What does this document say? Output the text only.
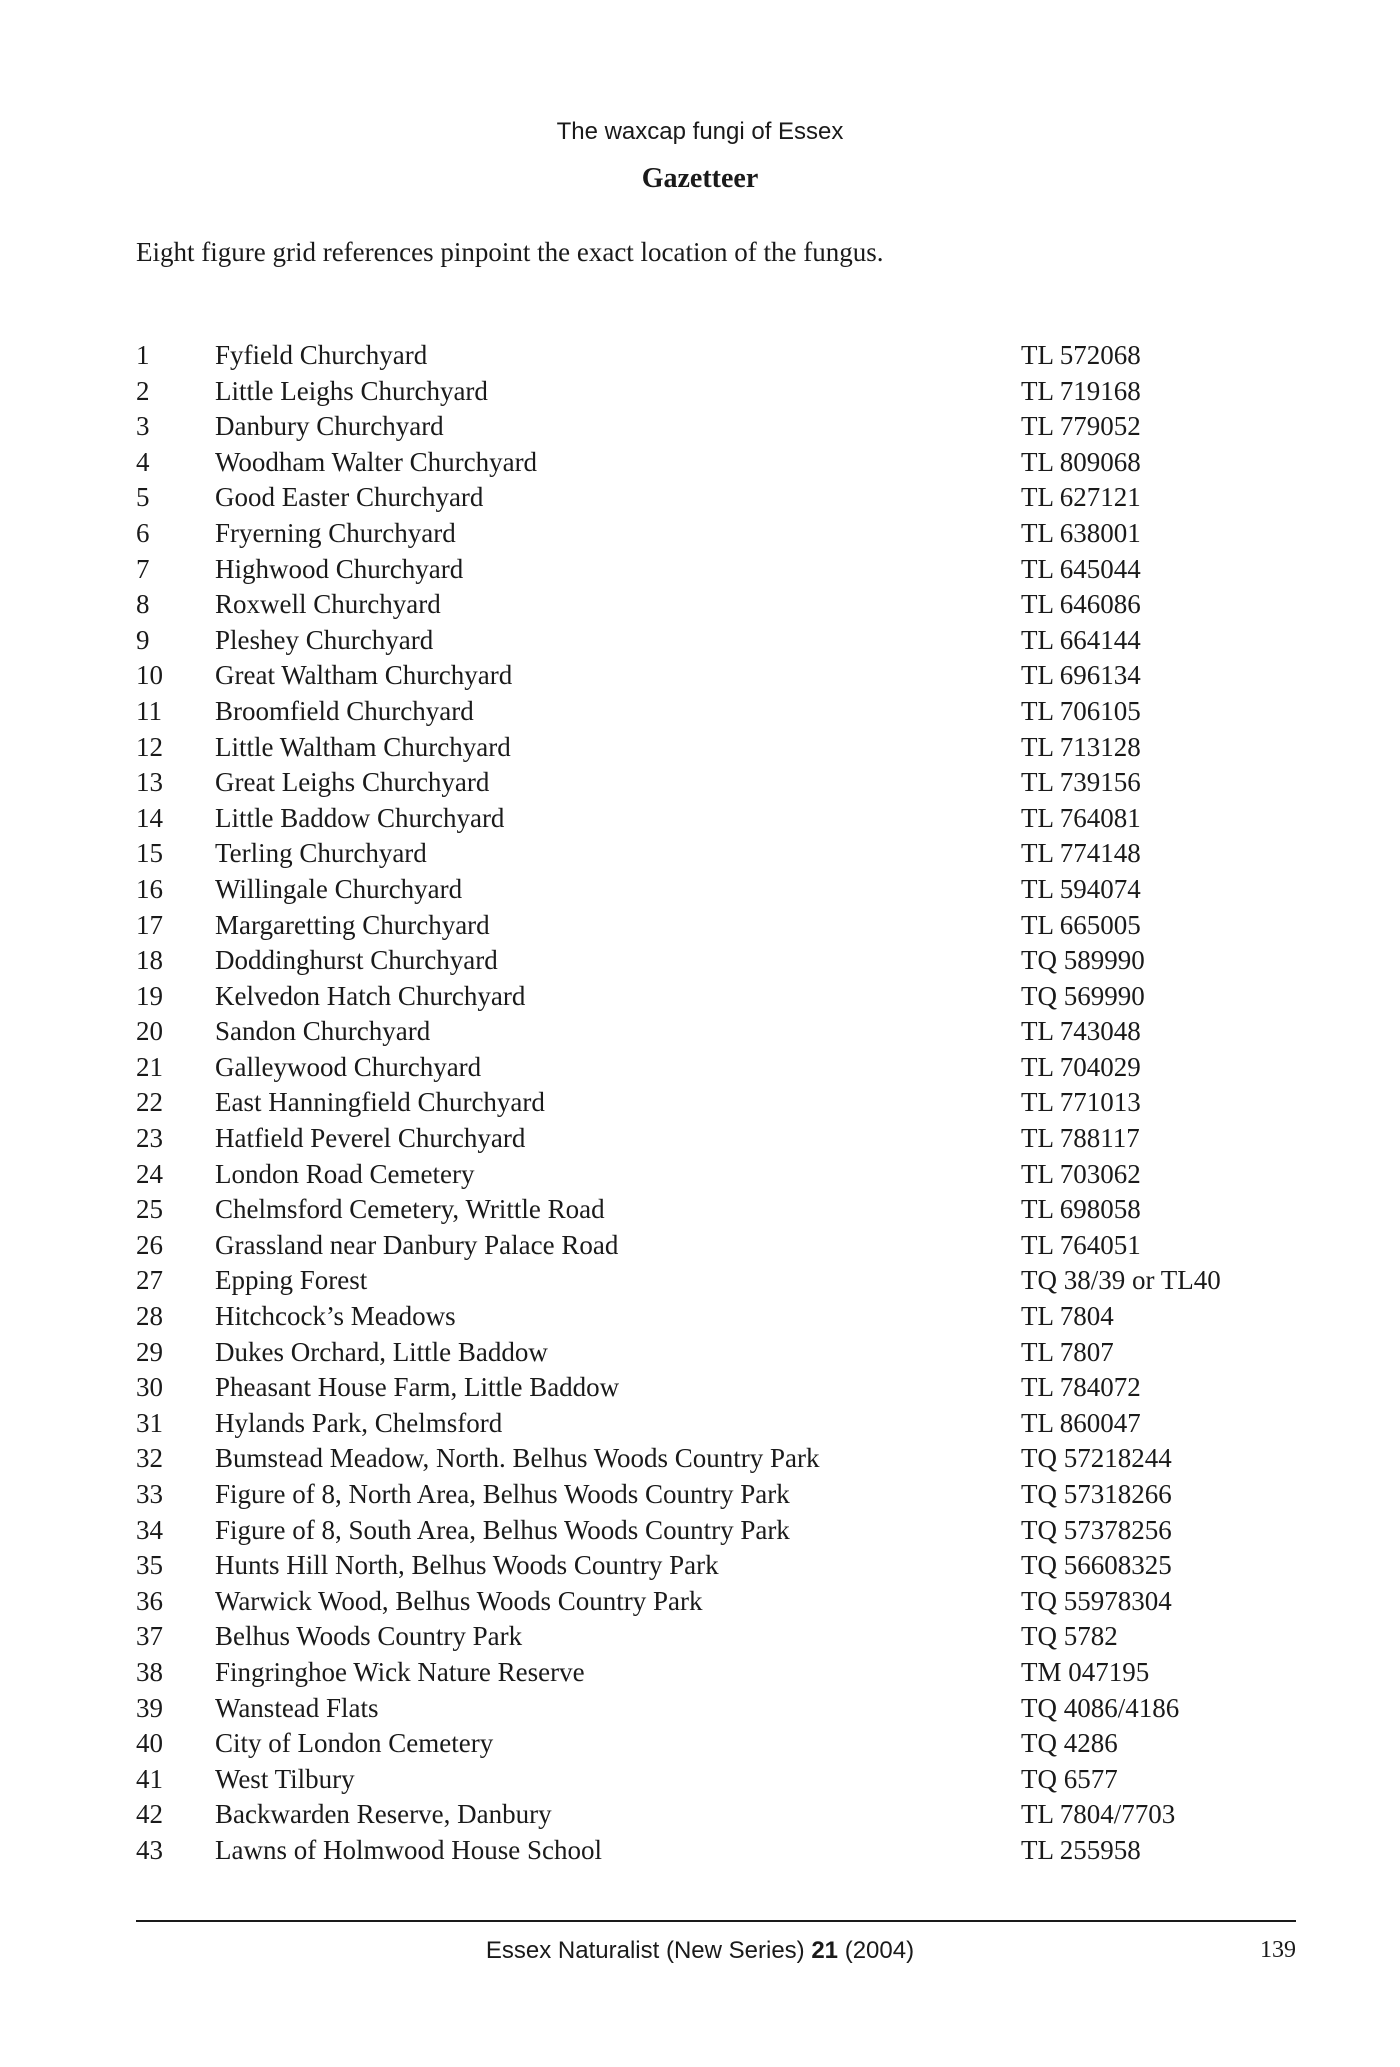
The waxcap fungi of Essex
Gazetteer
Eight figure grid references pinpoint the exact location of the fungus.
1	Fyfield Churchyard	TL 572068
2	Little Leighs Churchyard	TL 719168
3	Danbury Churchyard	TL 779052
4	Woodham Walter Churchyard	TL 809068
5	Good Easter Churchyard	TL 627121
6	Fryerning Churchyard	TL 638001
7	Highwood Churchyard	TL 645044
8	Roxwell Churchyard	TL 646086
9	Pleshey Churchyard	TL 664144
10	Great Waltham Churchyard	TL 696134
11	Broomfield Churchyard	TL 706105
12	Little Waltham Churchyard	TL 713128
13	Great Leighs Churchyard	TL 739156
14	Little Baddow Churchyard	TL 764081
15	Terling Churchyard	TL 774148
16	Willingale Churchyard	TL 594074
17	Margaretting Churchyard	TL 665005
18	Doddinghurst Churchyard	TQ 589990
19	Kelvedon Hatch Churchyard	TQ 569990
20	Sandon Churchyard	TL 743048
21	Galleywood Churchyard	TL 704029
22	East Hanningfield Churchyard	TL 771013
23	Hatfield Peverel Churchyard	TL 788117
24	London Road Cemetery	TL 703062
25	Chelmsford Cemetery, Writtle Road	TL 698058
26	Grassland near Danbury Palace Road	TL 764051
27	Epping Forest	TQ 38/39 or TL40
28	Hitchcock’s Meadows	TL 7804
29	Dukes Orchard, Little Baddow	TL 7807
30	Pheasant House Farm, Little Baddow	TL 784072
31	Hylands Park, Chelmsford	TL 860047
32	Bumstead Meadow, North. Belhus Woods Country Park	TQ 57218244
33	Figure of 8, North Area, Belhus Woods Country Park	TQ 57318266
34	Figure of 8, South Area, Belhus Woods Country Park	TQ 57378256
35	Hunts Hill North, Belhus Woods Country Park	TQ 56608325
36	Warwick Wood, Belhus Woods Country Park	TQ 55978304
37	Belhus Woods Country Park	TQ 5782
38	Fingringhoe Wick Nature Reserve	TM 047195
39	Wanstead Flats	TQ 4086/4186
40	City of London Cemetery	TQ 4286
41	West Tilbury	TQ 6577
42	Backwarden Reserve, Danbury	TL 7804/7703
43	Lawns of Holmwood House School	TL 255958
Essex Naturalist (New Series) 21 (2004)	139
